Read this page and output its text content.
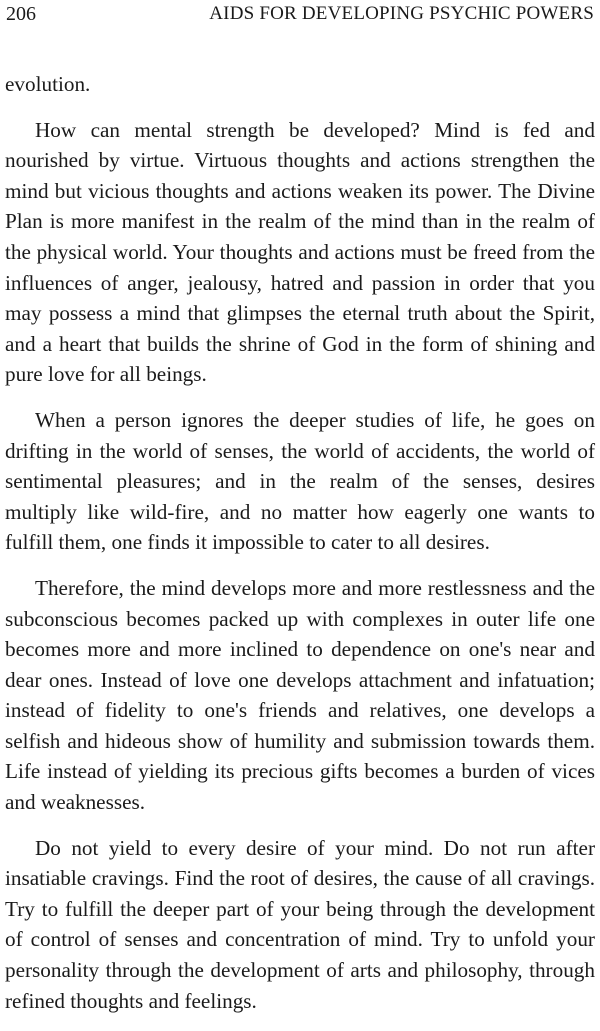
206	AIDS FOR DEVELOPING PSYCHIC POWERS

evolution.

How can mental strength be developed? Mind is fed and nourished by virtue. Virtuous thoughts and actions strengthen the mind but vicious thoughts and actions weaken its power. The Divine Plan is more manifest in the realm of the mind than in the realm of the physical world. Your thoughts and actions must be freed from the influences of anger, jealousy, hatred and passion in order that you may possess a mind that glimpses the eternal truth about the Spirit, and a heart that builds the shrine of God in the form of shining and pure love for all beings.

When a person ignores the deeper studies of life, he goes on drifting in the world of senses, the world of accidents, the world of sentimental pleasures; and in the realm of the senses, desires multiply like wild-fire, and no matter how eagerly one wants to fulfill them, one finds it impossible to cater to all desires.

Therefore, the mind develops more and more restlessness and the subconscious becomes packed up with complexes in outer life one becomes more and more inclined to dependence on one's near and dear ones. Instead of love one develops attachment and infatuation; instead of fidelity to one's friends and relatives, one develops a selfish and hideous show of humility and submission towards them. Life instead of yielding its precious gifts becomes a burden of vices and weaknesses.

Do not yield to every desire of your mind. Do not run after insatiable cravings. Find the root of desires, the cause of all cravings. Try to fulfill the deeper part of your being through the development of control of senses and concentration of mind. Try to unfold your personality through the development of arts and philosophy, through refined thoughts and feelings.
